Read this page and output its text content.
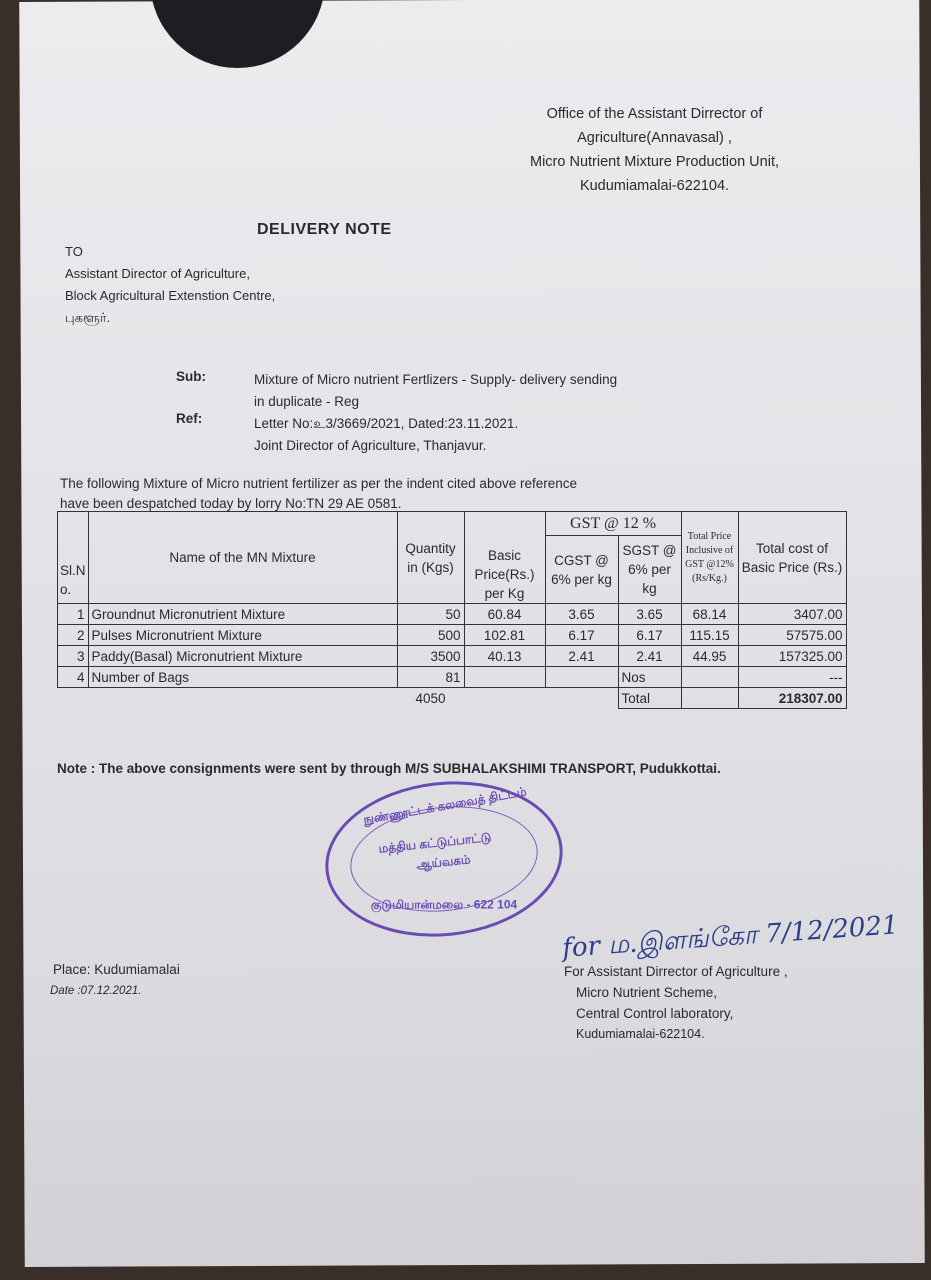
Office of the Assistant Dirrector of
Agriculture(Annavasal) ,
Micro Nutrient Mixture Production Unit,
Kudumiamalai-622104.
DELIVERY NOTE
TO
Assistant Director of Agriculture,
Block Agricultural Extenstion Centre,
புகளூர்.
Sub:	Mixture of Micro nutrient Fertlizers - Supply- delivery sending
in duplicate - Reg
Letter No:உ3/3669/2021, Dated:23.11.2021.
Joint Director of Agriculture, Thanjavur.
Ref:
The following Mixture of Micro nutrient fertilizer as per the indent cited above reference
have been despatched today by lorry No:TN 29 AE 0581.
Sl.N o.	Name of the MN Mixture	Quantity in (Kgs)	Basic Price(Rs.) per Kg	GST @ 12 %		Total Price Inclusive of GST @12% (Rs/Kg.)	Total cost of Basic Price (Rs.)
				CGST @ 6% per kg	SGST @ 6% per kg		
1	Groundnut Micronutrient Mixture	50	60.84	3.65	3.65	68.14	3407.00
2	Pulses Micronutrient Mixture	500	102.81	6.17	6.17	115.15	57575.00
3	Paddy(Basal) Micronutrient Mixture	3500	40.13	2.41	2.41	44.95	157325.00
4	Number of Bags	81			Nos		---
		4050			Total		218307.00
Note : The above consignments were sent by through M/S SUBHALAKSHIMI TRANSPORT, Pudukkottai.
நுண்ணூட்டக் கலவைத் திட்டம்
மத்திய கட்டுப்பாட்டு
ஆய்வகம்
குடுமியான்மலை - 622 104
for ம.இளங்கோ 7/12/2021
Place: Kudumiamalai
Date :07.12.2021.
For Assistant Dirrector of Agriculture ,
Micro Nutrient Scheme,
Central Control laboratory,
Kudumiamalai-622104.
